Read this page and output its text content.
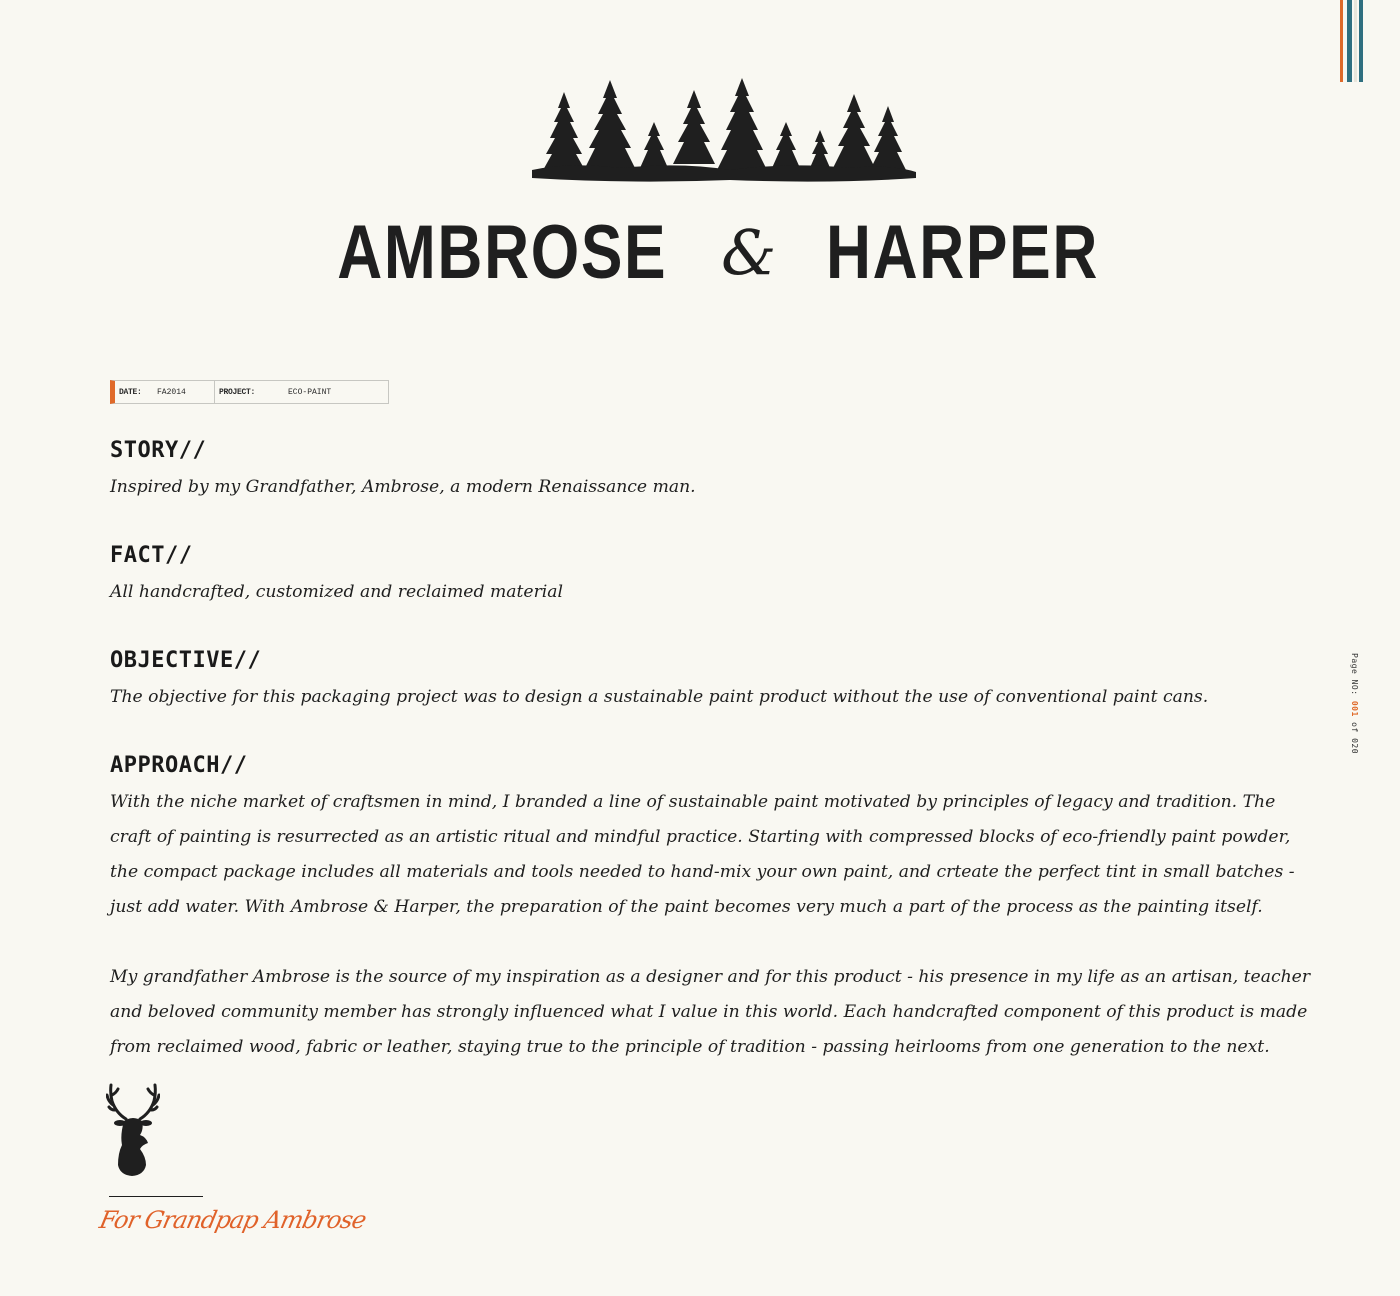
AMBROSE & HARPER
DATE: FA2014	PROJECT:	ECO-PAINT
STORY//

Inspired by my Grandfather, Ambrose, a modern Renaissance man.

FACT//

All handcrafted, customized and reclaimed material

OBJECTIVE//

The objective for this packaging project was to design a sustainable paint product without the use of conventional paint cans.

APPROACH//

With the niche market of craftsmen in mind, I branded a line of sustainable paint motivated by principles of legacy and tradition. The craft of painting is resurrected as an artistic ritual and mindful practice. Starting with compressed blocks of eco-friendly paint powder, the compact package includes all materials and tools needed to hand-mix your own paint, and crteate the perfect tint in small batches - just add water. With Ambrose & Harper, the preparation of the paint becomes very much a part of the process as the painting itself.

My grandfather Ambrose is the source of my inspiration as a designer and for this product - his presence in my life as an artisan, teacher and beloved community member has strongly influenced what I value in this world. Each handcrafted component of this product is made from reclaimed wood, fabric or leather, staying true to the principle of tradition - passing heirlooms from one generation to the next.

Page NO: 001 of 020
For Grandpap Ambrose
